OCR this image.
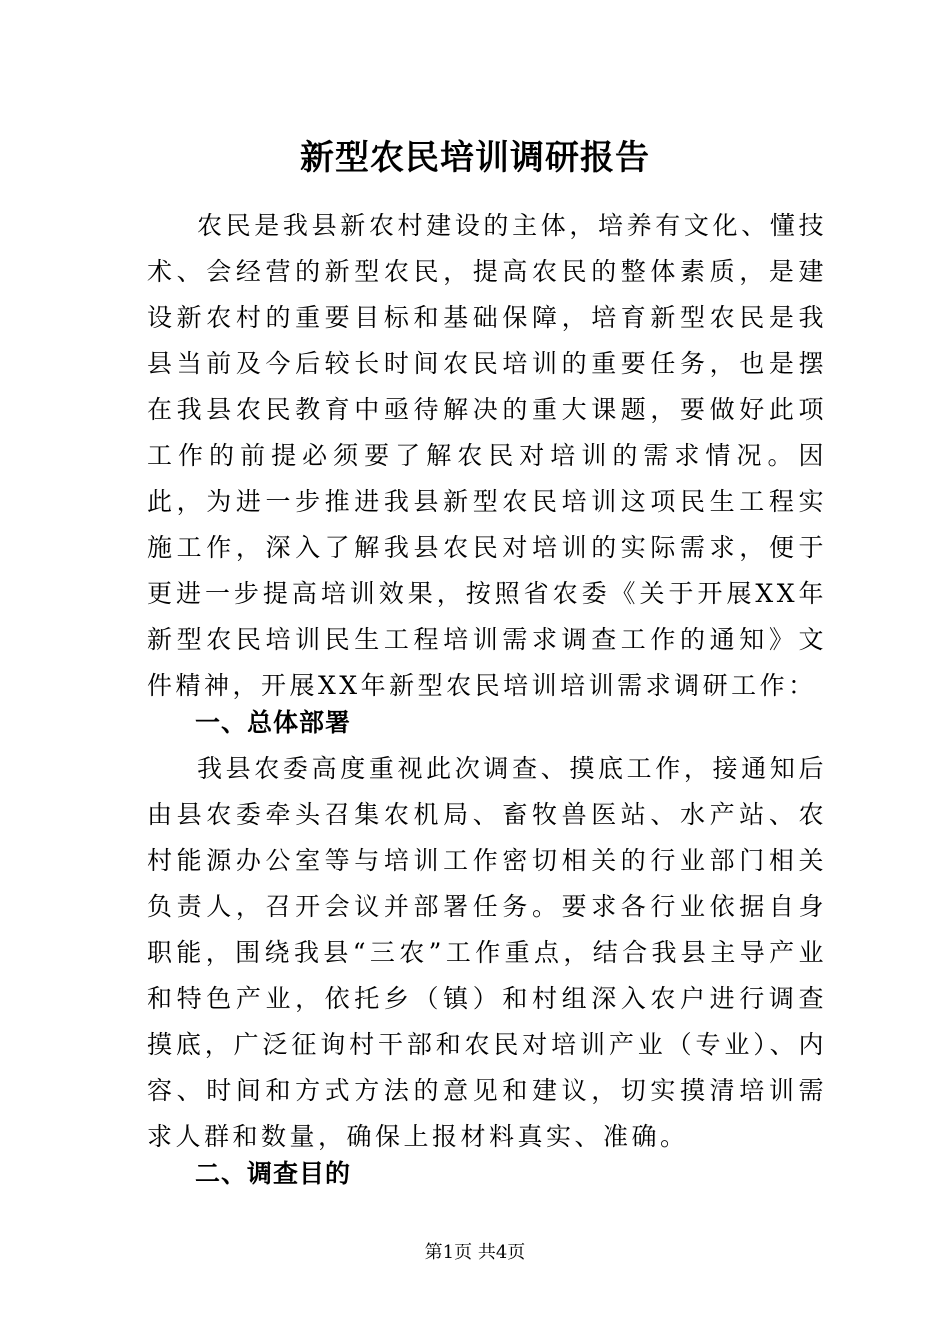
新型农民培训调研报告

农民是我县新农村建设的主体，培养有文化、懂技术、会经营的新型农民，提高农民的整体素质，是建设新农村的重要目标和基础保障，培育新型农民是我县当前及今后较长时间农民培训的重要任务，也是摆在我县农民教育中亟待解决的重大课题，要做好此项工作的前提必须要了解农民对培训的需求情况。因此，为进一步推进我县新型农民培训这项民生工程实施工作，深入了解我县农民对培训的实际需求，便于更进一步提高培训效果，按照省农委《关于开展XX年新型农民培训民生工程培训需求调查工作的通知》文件精神，开展XX年新型农民培训培训需求调研工作：

一、总体部署

我县农委高度重视此次调查、摸底工作，接通知后由县农委牵头召集农机局、畜牧兽医站、水产站、农村能源办公室等与培训工作密切相关的行业部门相关负责人，召开会议并部署任务。要求各行业依据自身职能，围绕我县“三农”工作重点，结合我县主导产业和特色产业，依托乡（镇）和村组深入农户进行调查摸底，广泛征询村干部和农民对培训产业（专业）、内容、时间和方式方法的意见和建议，切实摸清培训需求人群和数量，确保上报材料真实、准确。

二、调查目的
第1页 共4页
